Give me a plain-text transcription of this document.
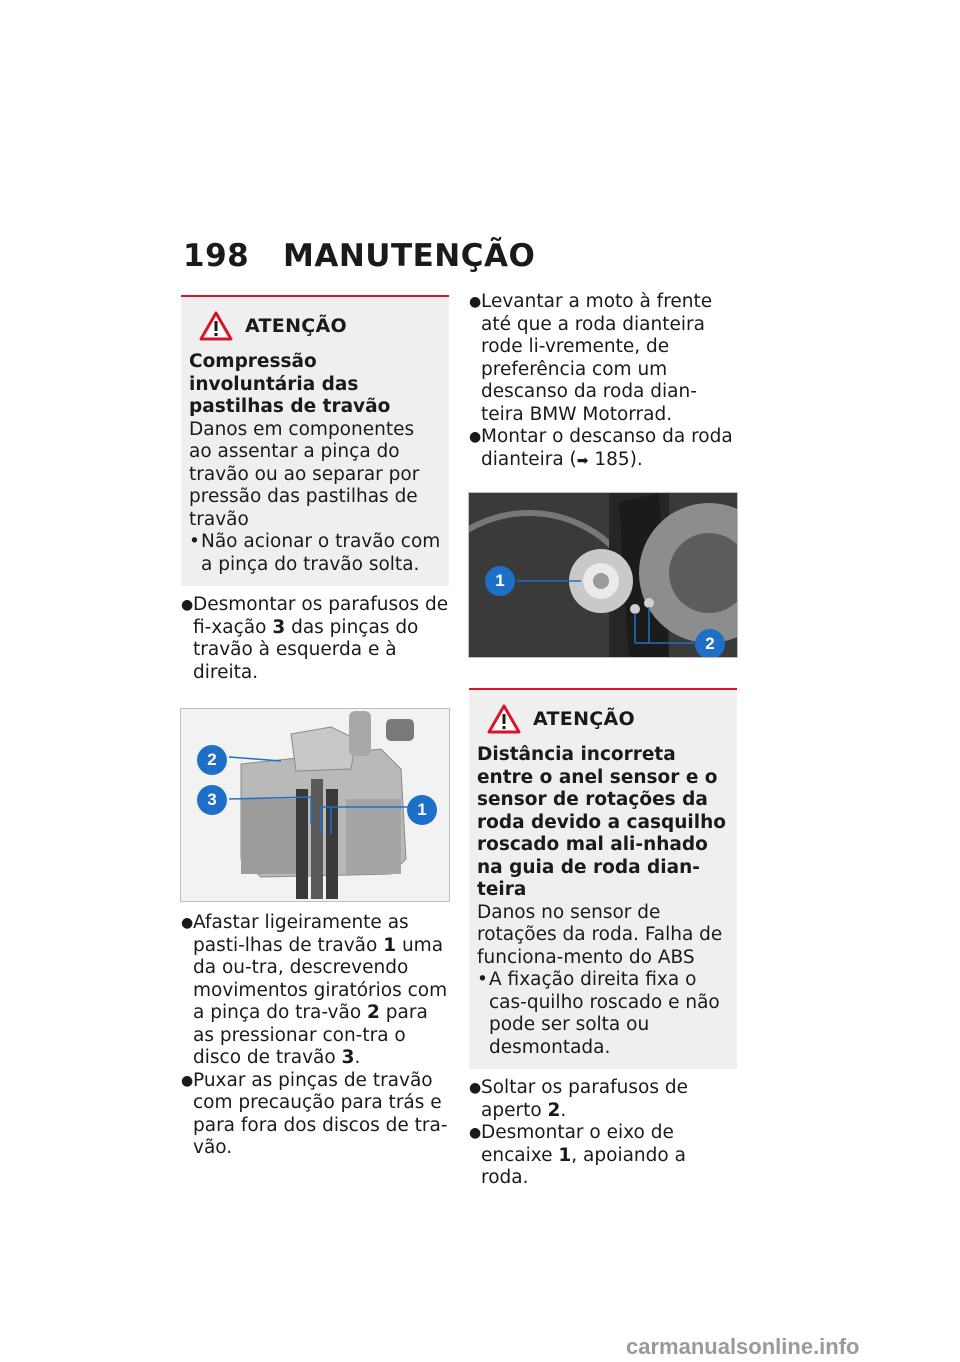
198 MANUTENÇÃO
ATENÇÃO
Compressão involuntária das pastilhas de travão
Danos em componentes ao assentar a pinça do travão ou ao separar por pressão das pastilhas de travão
• Não acionar o travão com a pinça do travão solta.
● Desmontar os parafusos de fi-xação 3 das pinças do travão à esquerda e à direita.
2
3
1
● Afastar ligeiramente as pasti-lhas de travão 1 uma da ou-tra, descrevendo movimentos giratórios com a pinça do tra-vão 2 para as pressionar con-tra o disco de travão 3.
● Puxar as pinças de travão com precaução para trás e para fora dos discos de tra-vão.
● Levantar a moto à frente até que a roda dianteira rode li-vremente, de preferência com um descanso da roda dian-teira BMW Motorrad.
● Montar o descanso da roda dianteira (➡ 185).
1
2
ATENÇÃO
Distância incorreta entre o anel sensor e o sensor de rotações da roda devido a casquilho roscado mal ali-nhado na guia de roda dian-teira
Danos no sensor de rotações da roda. Falha de funciona-mento do ABS
• A fixação direita fixa o cas-quilho roscado e não pode ser solta ou desmontada.
● Soltar os parafusos de aperto 2.
● Desmontar o eixo de encaixe 1, apoiando a roda.
carmanualsonline.info
